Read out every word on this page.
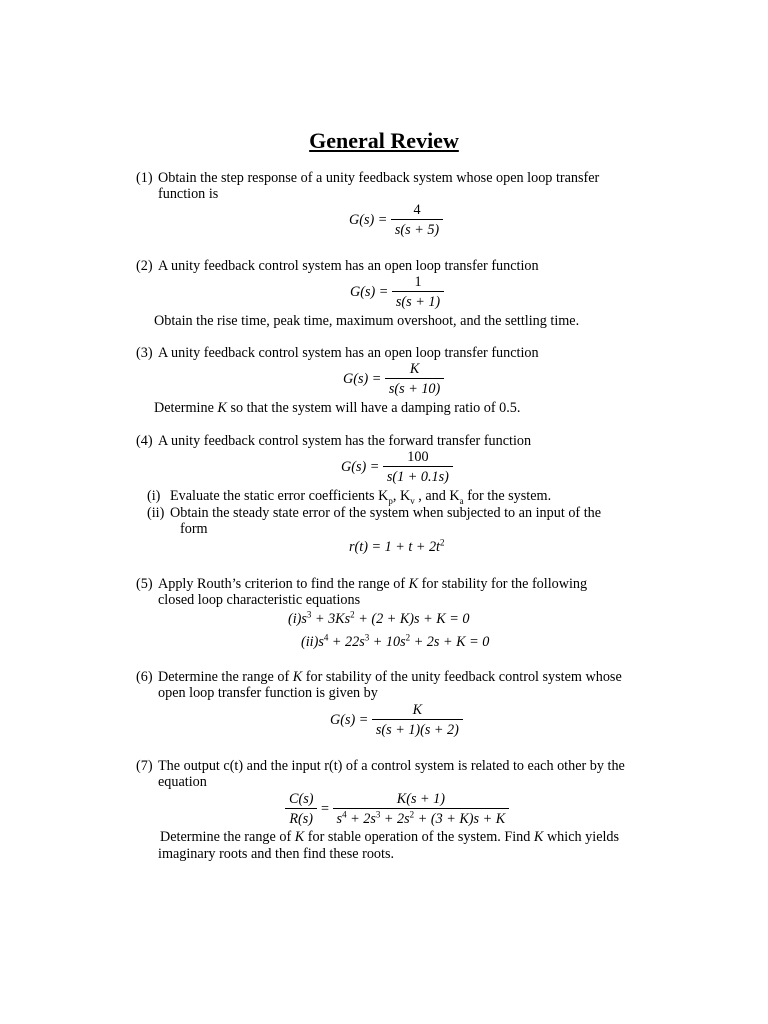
General Review
(1) Obtain the step response of a unity feedback system whose open loop transfer
function is
$G(s) = \frac{4}{s(s + 5)}$
(2) A unity feedback control system has an open loop transfer function
$G(s) = \frac{1}{s(s + 1)}$
Obtain the rise time, peak time, maximum overshoot, and the settling time.
(3) A unity feedback control system has an open loop transfer function
$G(s) = \frac{K}{s(s + 10)}$
Determine K so that the system will have a damping ratio of 0.5.
(4) A unity feedback control system has the forward transfer function
$G(s) = \frac{100}{s(1 + 0.1s)}$
(i) Evaluate the static error coefficients $K_p$, $K_v$ , and $K_a$ for the system.
(ii) Obtain the steady state error of the system when subjected to an input of the
form
$r(t) = 1 + t + 2t^2$
(5) Apply Routh’s criterion to find the range of K for stability for the following
closed loop characteristic equations
$(i)s^3 + 3Ks^2 + (2 + K)s + K = 0$
$(ii)s^4 + 22s^3 + 10s^2 + 2s + K = 0$
(6) Determine the range of K for stability of the unity feedback control system whose
open loop transfer function is given by
$G(s) = \frac{K}{s(s + 1)(s + 2)}$
(7) The output c(t) and the input r(t) of a control system is related to each other by the
equation
$\frac{C(s)}{R(s)} = \frac{K(s + 1)}{s^4 + 2s^3 + 2s^2 + (3 + K)s + K}$
Determine the range of K for stable operation of the system. Find K which yields
imaginary roots and then find these roots.
